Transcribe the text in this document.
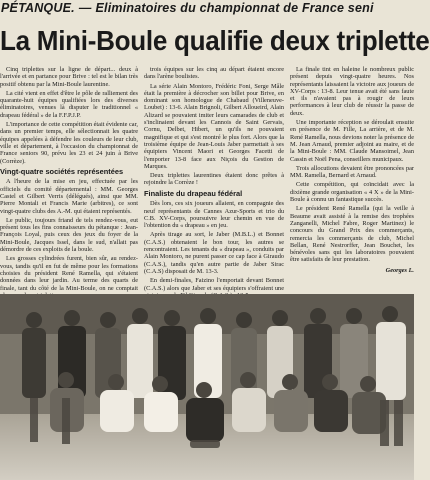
PÉTANQUE. — Eliminatoires du championnat de France seni
La Mini-Boule qualifie deux triplette

Cinq triplettes sur la ligne de départ... deux à l'arrivée et en partance pour Brive : tel est le bilan très positif obtenu par la Mini-Boule laurentine.

La cité vient en effet d'être le pôle de ralliement des quarante-huit équipes qualifiées lors des diverses éliminatoires, venues là disputer le traditionnel « drapeau fédéral » de la F.F.P.J.P.

L'importance de cette compétition était évidente car, dans un premier temps, elle sélectionnait les quatre équipes appelées à défendre les couleurs de leur club, ville et département, à l'occasion du championnat de France seniors 90, prévu les 23 et 24 juin à Brive (Corrèze).

Vingt-quatre sociétés représentées

A l'heure de la mise en jeu, effectuée par les officiels du comité départemental : MM. Georges Castel et Gilbert Verris (délégués), ainsi que MM. Pierre Montali et Francis Marie (arbitres), ce sont vingt-quatre clubs des A.-M. qui étaient représentés.

Le public, toujours friand de tels rendez-vous, eut présent tous les fins connaisseurs du pétanque : Jean-François Loyal, puis ceux des jeux du foyer de la Mini-Boule, Jacques Issel, dans le sud, n'allait pas démordre de ces exploits de la boule.

Les grosses cylindrées furent, bien sûr, au rendez-vous, tandis qu'il en fut de même pour les formations choisies du président René Ramella, qui s'étaient données dans leur jardin. Au terme des quarts de finale, tant du côté de la Mini-Boule, on ne comptait

trois équipes sur les cinq au départ étaient encore dans l'arène boulistes.

La série Alain Montoro, Frédéric Foni, Serge Mâle était la première à décrocher son billet pour Brive, en dominant son homologue de Chabaud (Villeneuve-Loubet) : 13-6. Alain Brignoli, Gilbert Alloueird, Alain Alizard se pouvaient imiter leurs camarades de club et s'inclinaient devant les Cannois de Saint Gervais, Cornu, Delbet, Hibert, un qu'ils ne pouvaient magnifique et qui s'est montré le plus fort. Alors que la troisième équipe de Jean-Louis Jaber parmettait à ses équipiers Vincent Maori et Georges Facetti de l'emporter 13-8 face aux Niçois du Gestion de Marques.

Deux triplettes laurentines étaient donc prêtes à rejoindre la Corrèze !

Finaliste du drapeau fédéral

Dès lors, ces six joueurs allaient, en compagnie des neuf représentants de Cannes Azur-Sports et trio du C.B. XV-Corps, poursuivre leur chemin en vue de l'obtention du « drapeau » en jeu.

Après tirage au sort, le Jaber (M.B.L.) et Bonnet (C.A.S.) obtenaient le bon tour, les autres se rencontraient. Les tenants du « drapeau », conduits par Alain Montoro, ne purent passer ce cap face à Giraudo (C.A.S.), tandis qu'en autre partie de Jaber Sirac (C.A.S) disposait de M. 13-3.

En demi-finales, Faizino l'emportait devant Bonnet (C.A.S.) alors que Jaber et ses équipiers s'offraient une

La finale tint en haleine le nombreux public présent depuis vingt-quatre heures. Nos représentants laissaient la victoire aux joueurs de XV-Corps : 13-8. Leur tenue avait été sans faute et ils n'avaient pas à rougir de leurs performances à leur club de réussir la passe de deux.

Une importante réception se déroulait ensuite en présence de M. Fille, La arrière, et de M. René Ramella, nous devions noter la présence de M. Jean Arnaud, premier adjoint au maire, et de la Mini-Boule : MM. Claude Mansoimel, Jean Cassin et Noël Pena, conseillers municipaux.

Trois allocutions devaient être prononcées par MM. Ramella, Bernard et Arnaud.

Cette compétition, qui coïncidait avec la dixième grande organisation « 4 X » de la Mini-Boule à connu un fantastique succès.

Le président René Ramella (qui la veille à Beaume avait assisté à la remise des trophées Zanganelli, Michel Fabre, Roger Martinez) le concours du Grand Prix des commerçants, remercia les commerçants de club, Michel Bellan, René Nestrorffer, Jean Bouchet, les bénévoles sans qui les laboratoires pouvaient être satisfaits de leur prestation.

Georges L.
